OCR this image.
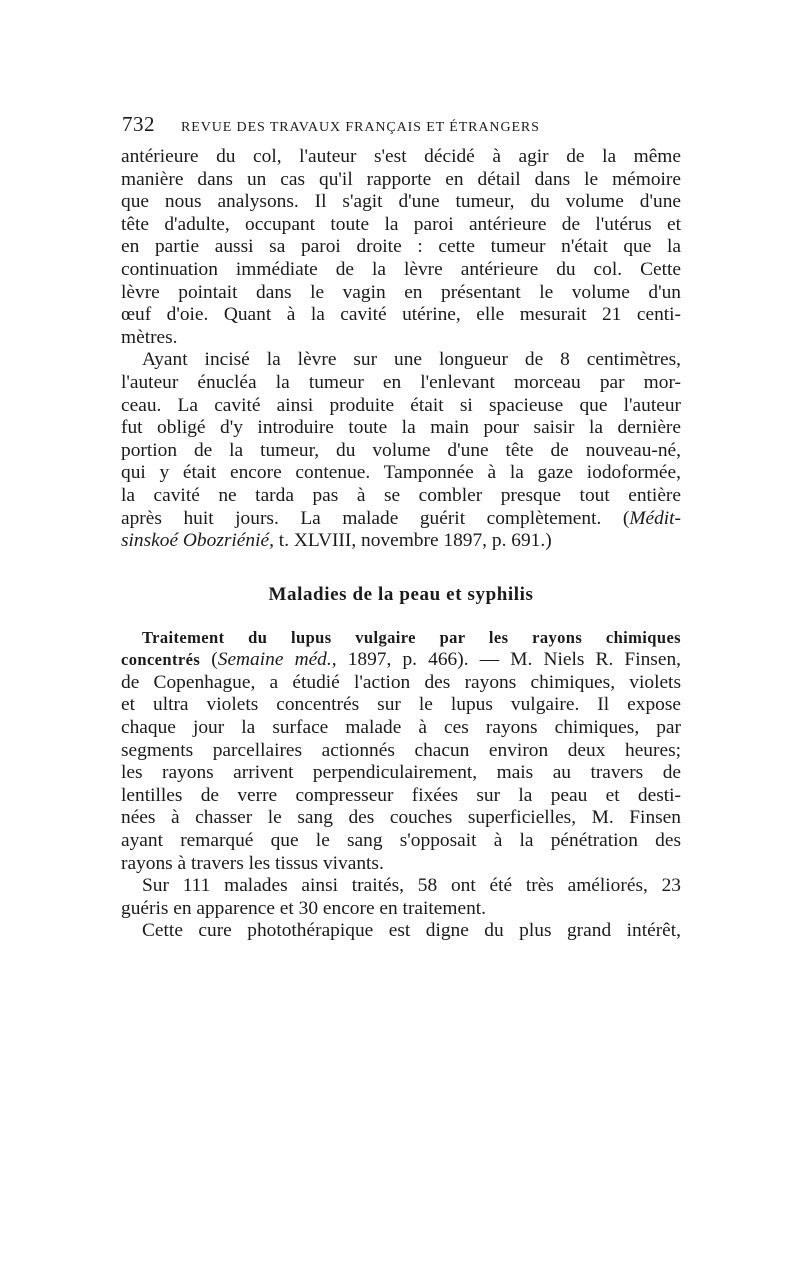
732 REVUE DES TRAVAUX FRANÇAIS ET ÉTRANGERS
antérieure du col, l'auteur s'est décidé à agir de la même
manière dans un cas qu'il rapporte en détail dans le mémoire
que nous analysons. Il s'agit d'une tumeur, du volume d'une
tête d'adulte, occupant toute la paroi antérieure de l'utérus et
en partie aussi sa paroi droite : cette tumeur n'était que la
continuation immédiate de la lèvre antérieure du col. Cette
lèvre pointait dans le vagin en présentant le volume d'un
œuf d'oie. Quant à la cavité utérine, elle mesurait 21 centi-
mètres.
Ayant incisé la lèvre sur une longueur de 8 centimètres,
l'auteur énucléa la tumeur en l'enlevant morceau par mor-
ceau. La cavité ainsi produite était si spacieuse que l'auteur
fut obligé d'y introduire toute la main pour saisir la dernière
portion de la tumeur, du volume d'une tête de nouveau-né,
qui y était encore contenue. Tamponnée à la gaze iodoformée,
la cavité ne tarda pas à se combler presque tout entière
après huit jours. La malade guérit complètement. (Médit-
sinskoé Obozriénié, t. XLVIII, novembre 1897, p. 691.)
Maladies de la peau et syphilis
Traitement du lupus vulgaire par les rayons chimiques
concentrés (Semaine méd., 1897, p. 466). — M. Niels R. Finsen,
de Copenhague, a étudié l'action des rayons chimiques, violets
et ultra violets concentrés sur le lupus vulgaire. Il expose
chaque jour la surface malade à ces rayons chimiques, par
segments parcellaires actionnés chacun environ deux heures;
les rayons arrivent perpendiculairement, mais au travers de
lentilles de verre compresseur fixées sur la peau et desti-
nées à chasser le sang des couches superficielles, M. Finsen
ayant remarqué que le sang s'opposait à la pénétration des
rayons à travers les tissus vivants.
Sur 111 malades ainsi traités, 58 ont été très améliorés, 23
guéris en apparence et 30 encore en traitement.
Cette cure photothérapique est digne du plus grand intérêt,
